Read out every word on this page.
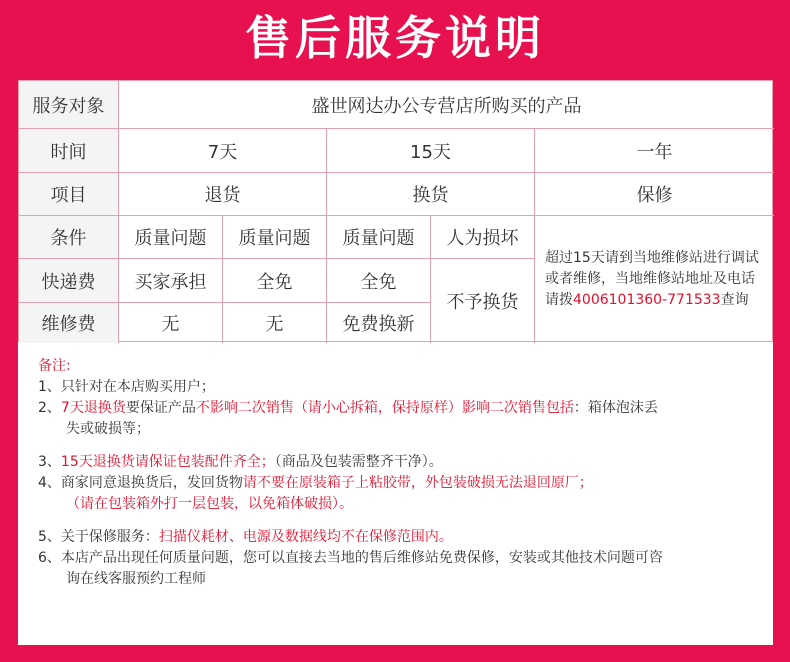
售后服务说明
服务对象	盛世网达办公专营店所购买的产品
时间	7天	15天	一年
项目	退货	换货	保修
条件	质量问题	质量问题	质量问题	人为损坏
超过15天请到当地维修站进行调试或者维修，当地维修站地址及电话请拨4006101360-771533查询
快递费	买家承担	全免	全免
不予换货
维修费	无	无	免费换新

备注:

1、只针对在本店购买用户；

2、7天退换货要保证产品不影响二次销售（请小心拆箱，保持原样）影响二次销售包括：箱体泡沫丢

失或破损等；

3、15天退换货请保证包装配件齐全；（商品及包装需整齐干净）。

4、商家同意退换货后，发回货物请不要在原装箱子上粘胶带，外包装破损无法退回原厂；

（请在包装箱外打一层包装，以免箱体破损）。

5、关于保修服务：扫描仪耗材、电源及数据线均不在保修范围内。

6、本店产品出现任何质量问题，您可以直接去当地的售后维修站免费保修，安装或其他技术问题可咨

询在线客服预约工程师
